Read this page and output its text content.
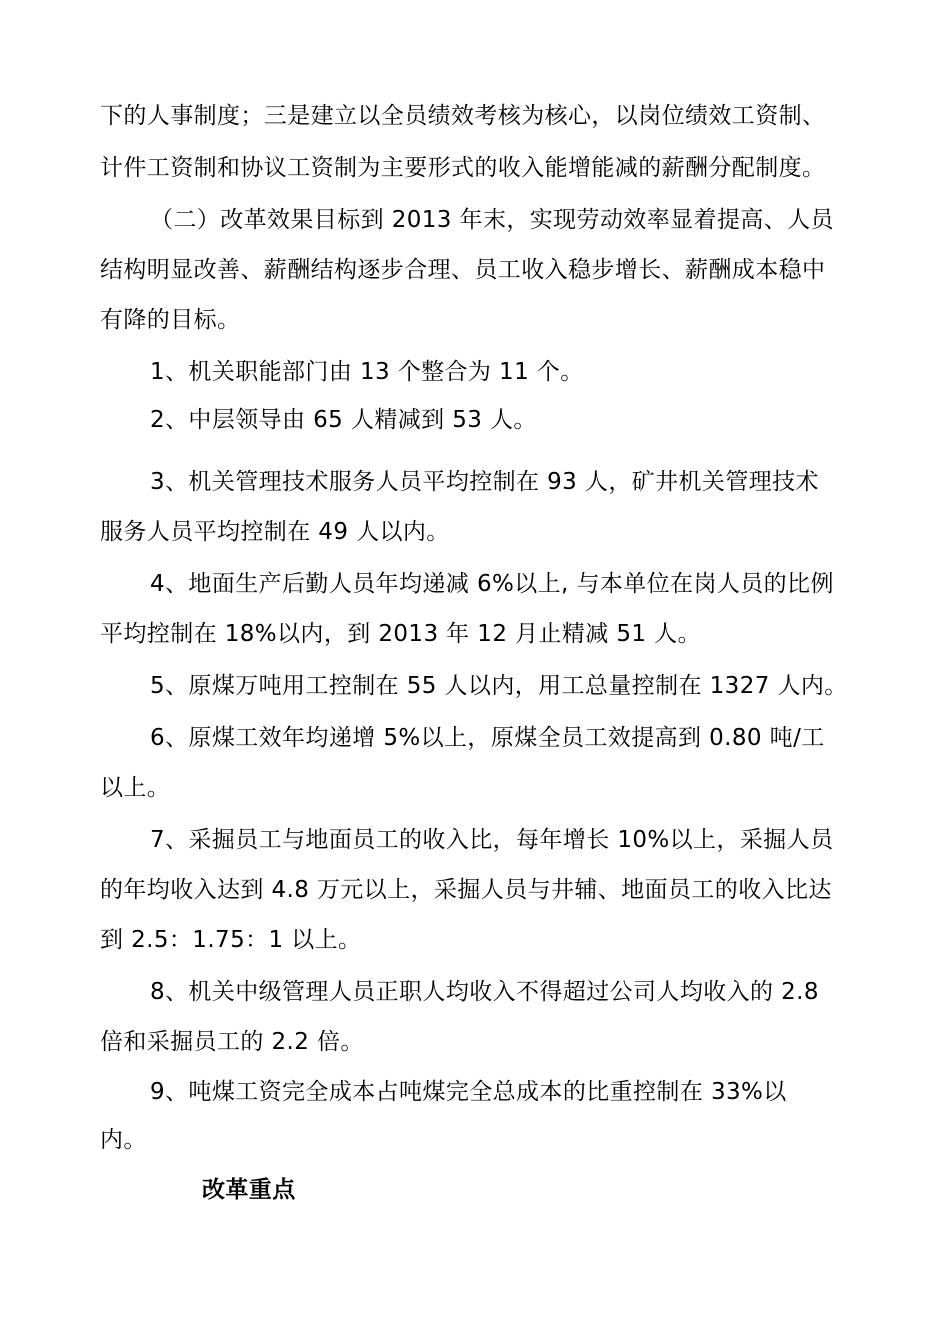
下的人事制度；三是建立以全员绩效考核为核心，以岗位绩效工资制、
计件工资制和协议工资制为主要形式的收入能增能减的薪酬分配制度。
（二）改革效果目标到 2013 年末，实现劳动效率显着提高、人员
结构明显改善、薪酬结构逐步合理、员工收入稳步增长、薪酬成本稳中
有降的目标。
1、机关职能部门由 13 个整合为 11 个。
2、中层领导由 65 人精减到 53 人。
3、机关管理技术服务人员平均控制在 93 人，矿井机关管理技术
服务人员平均控制在 49 人以内。
4、地面生产后勤人员年均递减 6%以上, 与本单位在岗人员的比例
平均控制在 18%以内，到 2013 年 12 月止精减 51 人。
5、原煤万吨用工控制在 55 人以内，用工总量控制在 1327 人内。
6、原煤工效年均递增 5%以上，原煤全员工效提高到 0.80 吨/工
以上。
7、采掘员工与地面员工的收入比，每年增长 10%以上，采掘人员
的年均收入达到 4.8 万元以上，采掘人员与井辅、地面员工的收入比达
到 2.5：1.75：1 以上。
8、机关中级管理人员正职人均收入不得超过公司人均收入的 2.8
倍和采掘员工的 2.2 倍。
9、吨煤工资完全成本占吨煤完全总成本的比重控制在 33%以
内。
改革重点
